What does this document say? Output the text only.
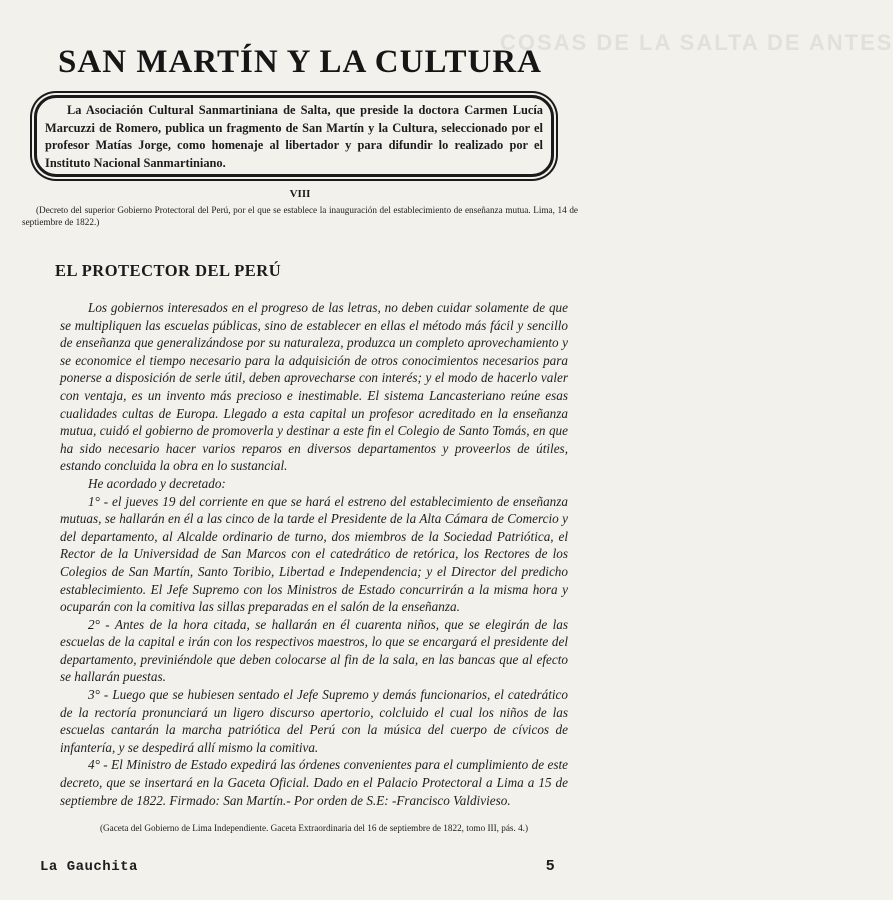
COSAS DE LA SALTA DE ANTES
SAN MARTÍN Y LA CULTURA

La Asociación Cultural Sanmartiniana de Salta, que preside la doctora Carmen Lucía Marcuzzi de Romero, publica un fragmento de San Martín y la Cultura, seleccionado por el profesor Matías Jorge, como homenaje al libertador y para difundir lo realizado por el Instituto Nacional Sanmartiniano.

VIII

(Decreto del superior Gobierno Protectoral del Perú, por el que se establece la inauguración del establecimiento de enseñanza mutua. Lima, 14 de septiembre de 1822.)

EL PROTECTOR DEL PERÚ

Los gobiernos interesados en el progreso de las letras, no deben cuidar solamente de que se multipliquen las escuelas públicas, sino de establecer en ellas el método más fácil y sencillo de enseñanza que generalizándose por su naturaleza, produzca un completo aprovechamiento y se economice el tiempo necesario para la adquisición de otros conocimientos necesarios para ponerse a disposición de serle útil, deben aprovecharse con interés; y el modo de hacerlo valer con ventaja, es un invento más precioso e inestimable. El sistema Lancasteriano reúne esas cualidades cultas de Europa. Llegado a esta capital un profesor acreditado en la enseñanza mutua, cuidó el gobierno de promoverla y destinar a este fin el Colegio de Santo Tomás, en que ha sido necesario hacer varios reparos en diversos departamentos y proveerlos de útiles, estando concluida la obra en lo sustancial.

He acordado y decretado:

1° - el jueves 19 del corriente en que se hará el estreno del establecimiento de enseñanza mutuas, se hallarán en él a las cinco de la tarde el Presidente de la Alta Cámara de Comercio y del departamento, al Alcalde ordinario de turno, dos miembros de la Sociedad Patriótica, el Rector de la Universidad de San Marcos con el catedrático de retórica, los Rectores de los Colegios de San Martín, Santo Toribio, Libertad e Independencia; y el Director del predicho establecimiento. El Jefe Supremo con los Ministros de Estado concurrirán a la misma hora y ocuparán con la comitiva las sillas preparadas en el salón de la enseñanza.

2° - Antes de la hora citada, se hallarán en él cuarenta niños, que se elegirán de las escuelas de la capital e irán con los respectivos maestros, lo que se encargará el presidente del departamento, previniéndole que deben colocarse al fin de la sala, en las bancas que al efecto se hallarán puestas.

3° - Luego que se hubiesen sentado el Jefe Supremo y demás funcionarios, el catedrático de la rectoría pronunciará un ligero discurso apertorio, colcluido el cual los niños de las escuelas cantarán la marcha patriótica del Perú con la música del cuerpo de cívicos de infantería, y se despedirá allí mismo la comitiva.

4° - El Ministro de Estado expedirá las órdenes convenientes para el cumplimiento de este decreto, que se insertará en la Gaceta Oficial. Dado en el Palacio Protectoral a Lima a 15 de septiembre de 1822. Firmado: San Martín.- Por orden de S.E: -Francisco Valdivieso.

(Gaceta del Gobierno de Lima Independiente. Gaceta Extraordinaria del 16 de septiembre de 1822, tomo III, pás. 4.)
La Gauchita	5
